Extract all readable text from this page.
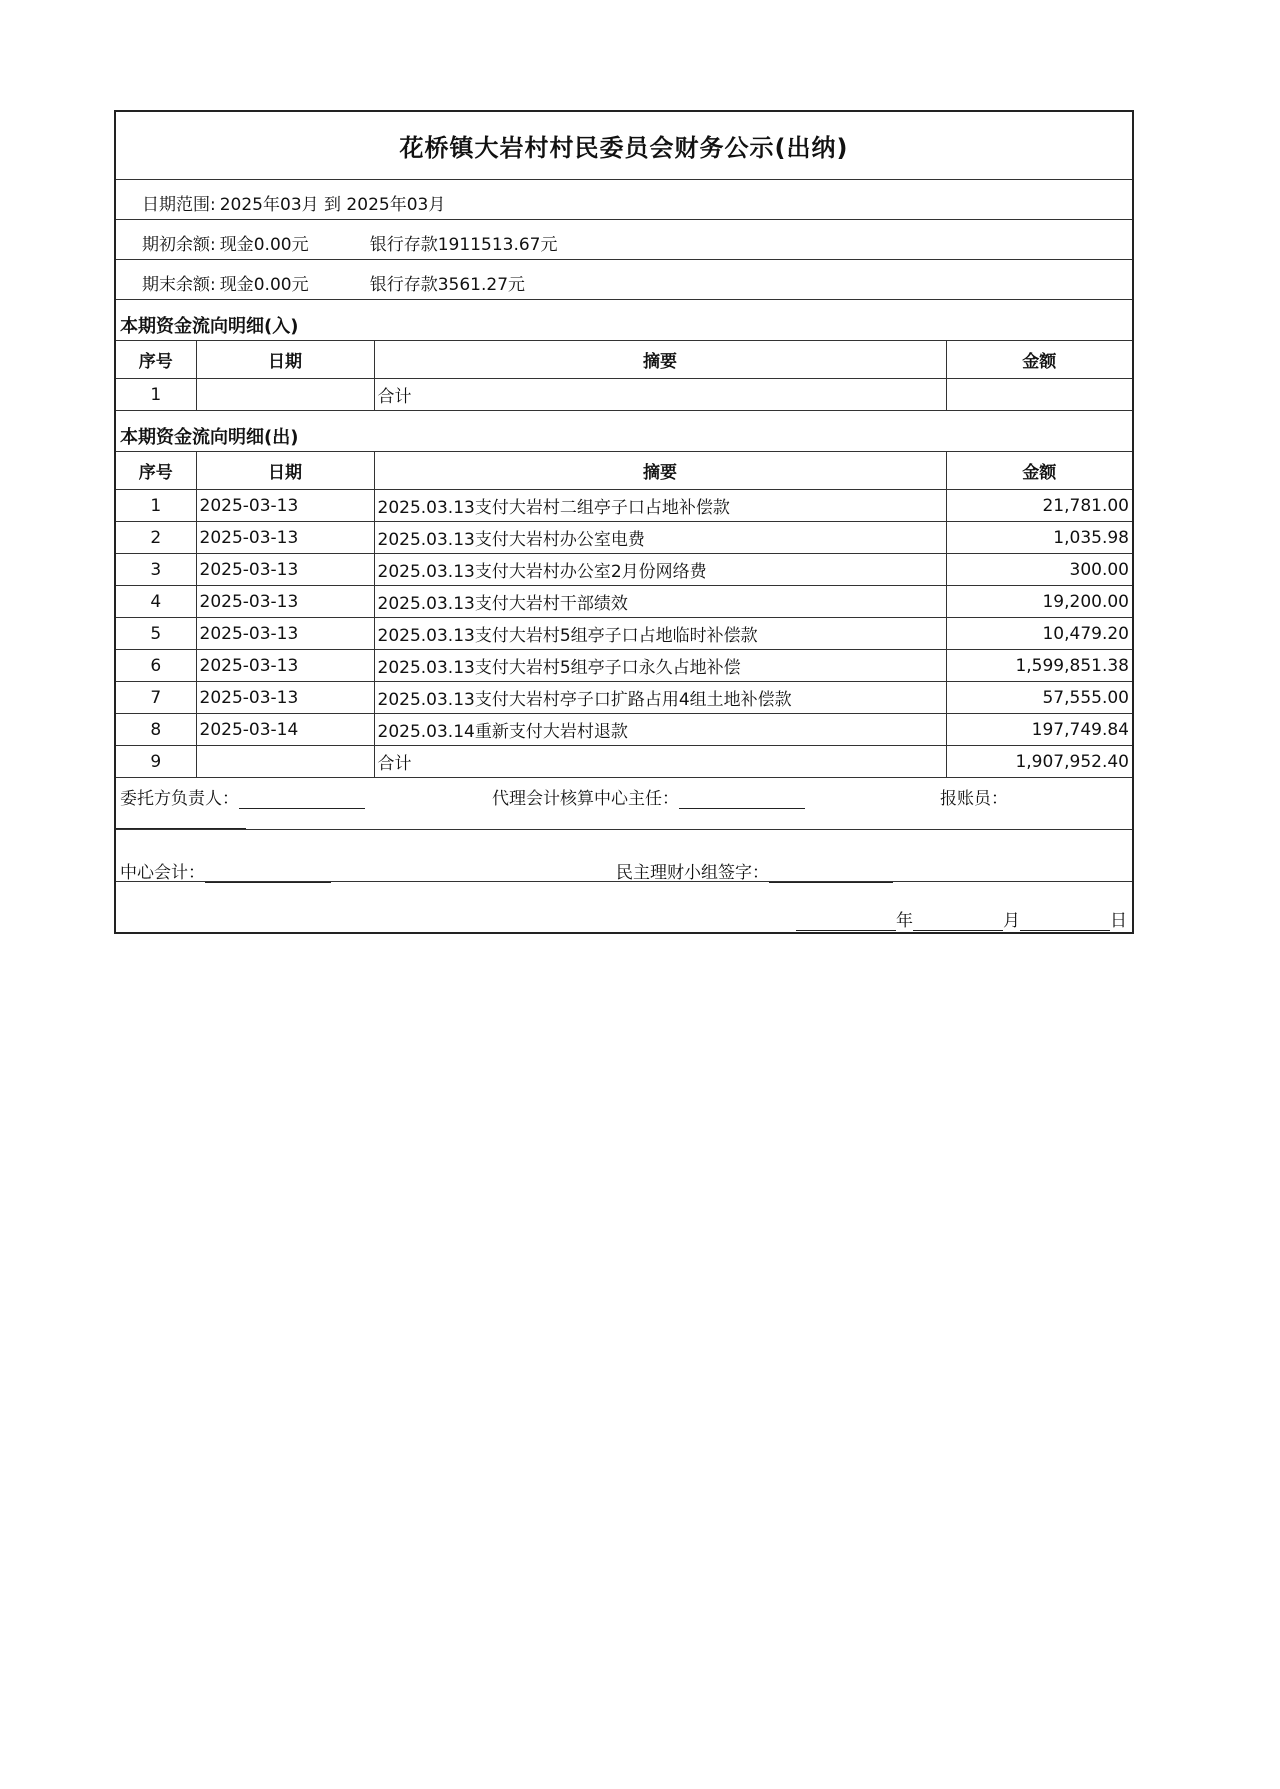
花桥镇大岩村村民委员会财务公示(出纳)
日期范围: 2025年03月 到 2025年03月
期初余额: 现金0.00元	银行存款1911513.67元
期末余额: 现金0.00元	银行存款3561.27元
本期资金流向明细(入)
序号	日期	摘要	金额
1		合计	
本期资金流向明细(出)
序号	日期	摘要	金额
1	2025-03-13	2025.03.13支付大岩村二组亭子口占地补偿款	21,781.00
2	2025-03-13	2025.03.13支付大岩村办公室电费	1,035.98
3	2025-03-13	2025.03.13支付大岩村办公室2月份网络费	300.00
4	2025-03-13	2025.03.13支付大岩村干部绩效	19,200.00
5	2025-03-13	2025.03.13支付大岩村5组亭子口占地临时补偿款	10,479.20
6	2025-03-13	2025.03.13支付大岩村5组亭子口永久占地补偿	1,599,851.38
7	2025-03-13	2025.03.13支付大岩村亭子口扩路占用4组土地补偿款	57,555.00
8	2025-03-14	2025.03.14重新支付大岩村退款	197,749.84
9		合计	1,907,952.40
委托方负责人：	代理会计核算中心主任：	报账员：
中心会计：	民主理财小组签字：
年	月	日
